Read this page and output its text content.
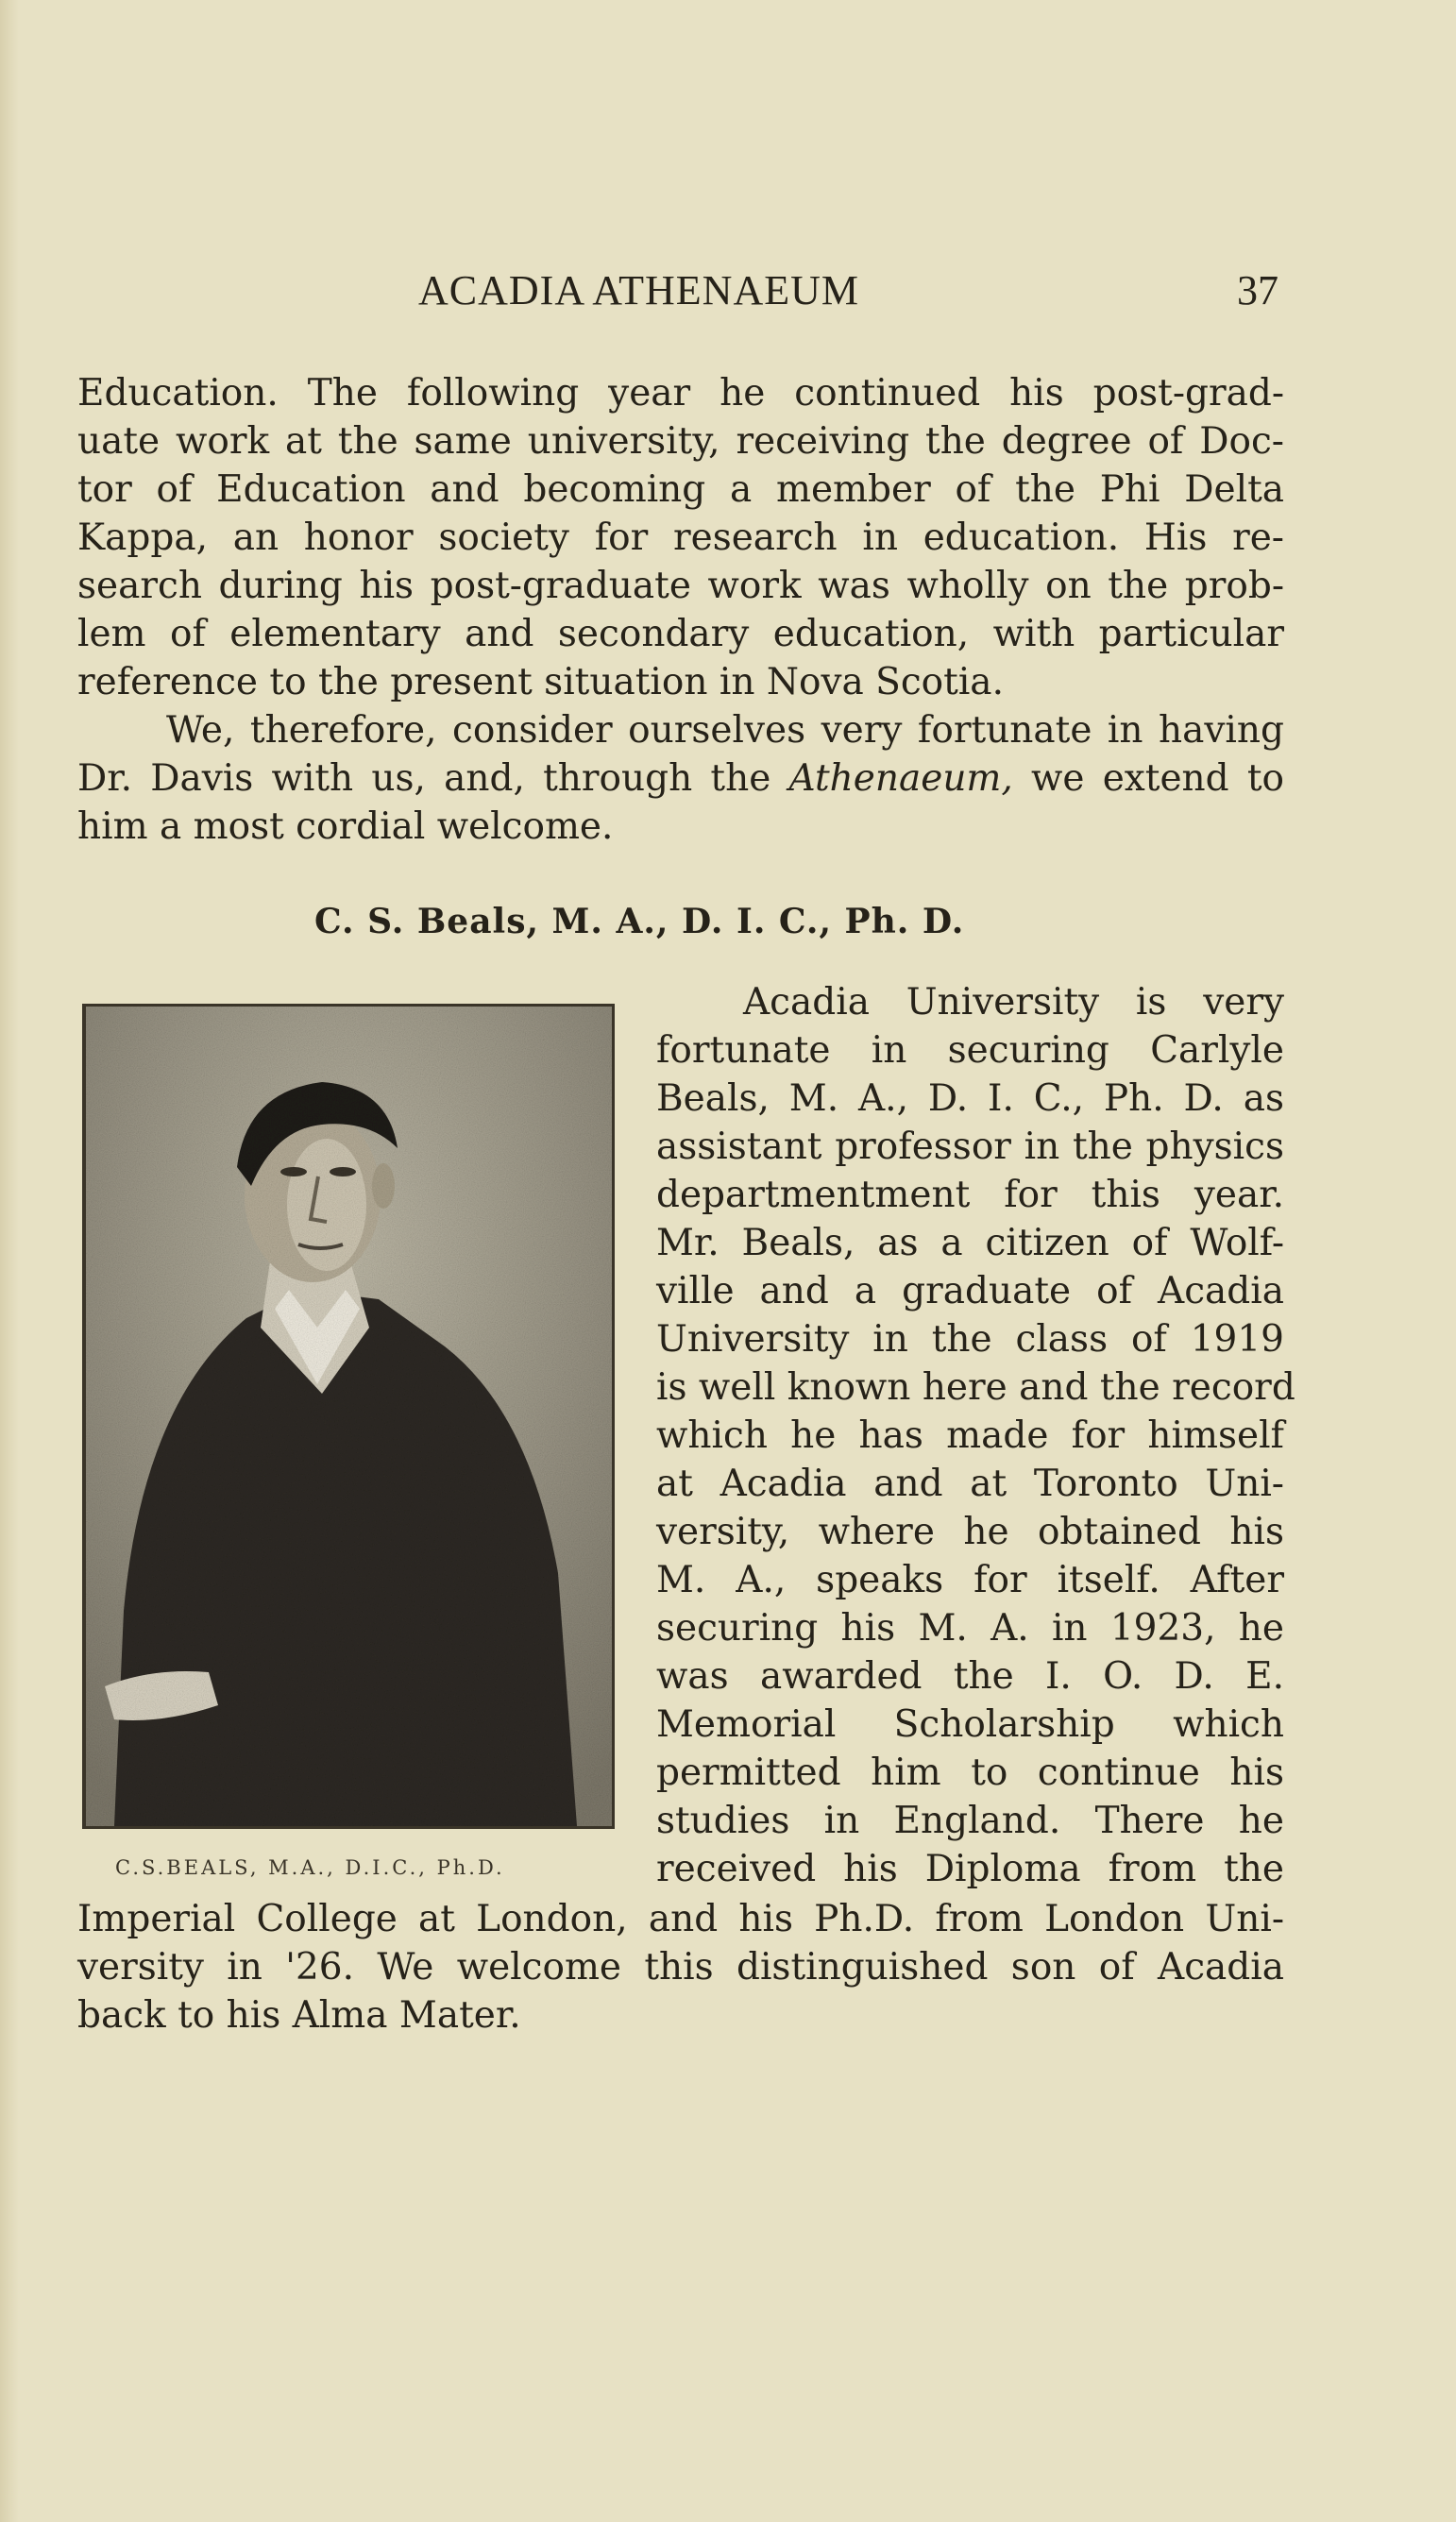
ACADIA ATHENAEUM	37
Education. The following year he continued his post-grad-
uate work at the same university, receiving the degree of Doc-
tor of Education and becoming a member of the Phi Delta
Kappa, an honor society for research in education. His re-
search during his post-graduate work was wholly on the prob-
lem of elementary and secondary education, with particular
reference to the present situation in Nova Scotia.
We, therefore, consider ourselves very fortunate in having
Dr. Davis with us, and, through the Athenaeum, we extend to
him a most cordial welcome.
C. S. Beals, M. A., D. I. C., Ph. D.
C.S.BEALS, M.A., D.I.C., Ph.D.
Acadia University is very
fortunate in securing Carlyle
Beals, M. A., D. I. C., Ph. D. as
assistant professor in the physics
departmentment for this year.
Mr. Beals, as a citizen of Wolf-
ville and a graduate of Acadia
University in the class of 1919
is well known here and the record
which he has made for himself
at Acadia and at Toronto Uni-
versity, where he obtained his
M. A., speaks for itself. After
securing his M. A. in 1923, he
was awarded the I. O. D. E.
Memorial Scholarship which
permitted him to continue his
studies in England. There he
received his Diploma from the
Imperial College at London, and his Ph.D. from London Uni-
versity in '26. We welcome this distinguished son of Acadia
back to his Alma Mater.
